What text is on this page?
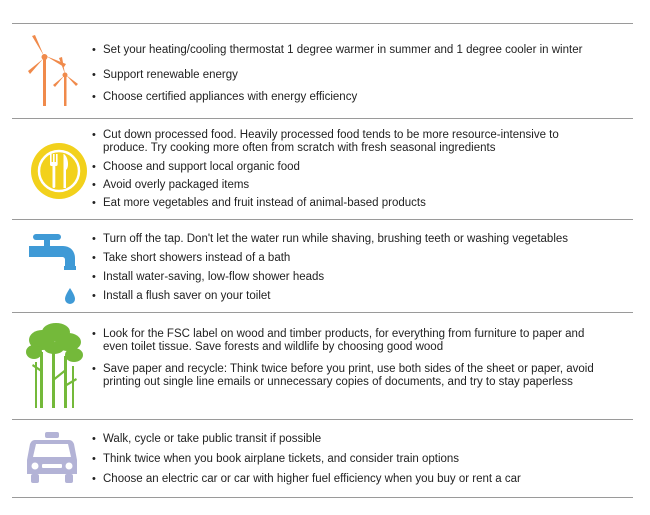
• Set your heating/cooling thermostat 1 degree warmer in summer and 1 degree cooler in winter
• Support renewable energy
• Choose certified appliances with energy efficiency
• Cut down processed food. Heavily processed food tends to be more resource-intensive to produce. Try cooking more often from scratch with fresh seasonal ingredients
• Choose and support local organic food
• Avoid overly packaged items
• Eat more vegetables and fruit instead of animal-based products
• Turn off the tap. Don't let the water run while shaving, brushing teeth or washing vegetables
• Take short showers instead of a bath
• Install water-saving, low-flow shower heads
• Install a flush saver on your toilet
• Look for the FSC label on wood and timber products, for everything from furniture to paper and even toilet tissue. Save forests and wildlife by choosing good wood
• Save paper and recycle: Think twice before you print, use both sides of the sheet or paper, avoid printing out single line emails or unnecessary copies of documents, and try to stay paperless
• Walk, cycle or take public transit if possible
• Think twice when you book airplane tickets, and consider train options
• Choose an electric car or car with higher fuel efficiency when you buy or rent a car
